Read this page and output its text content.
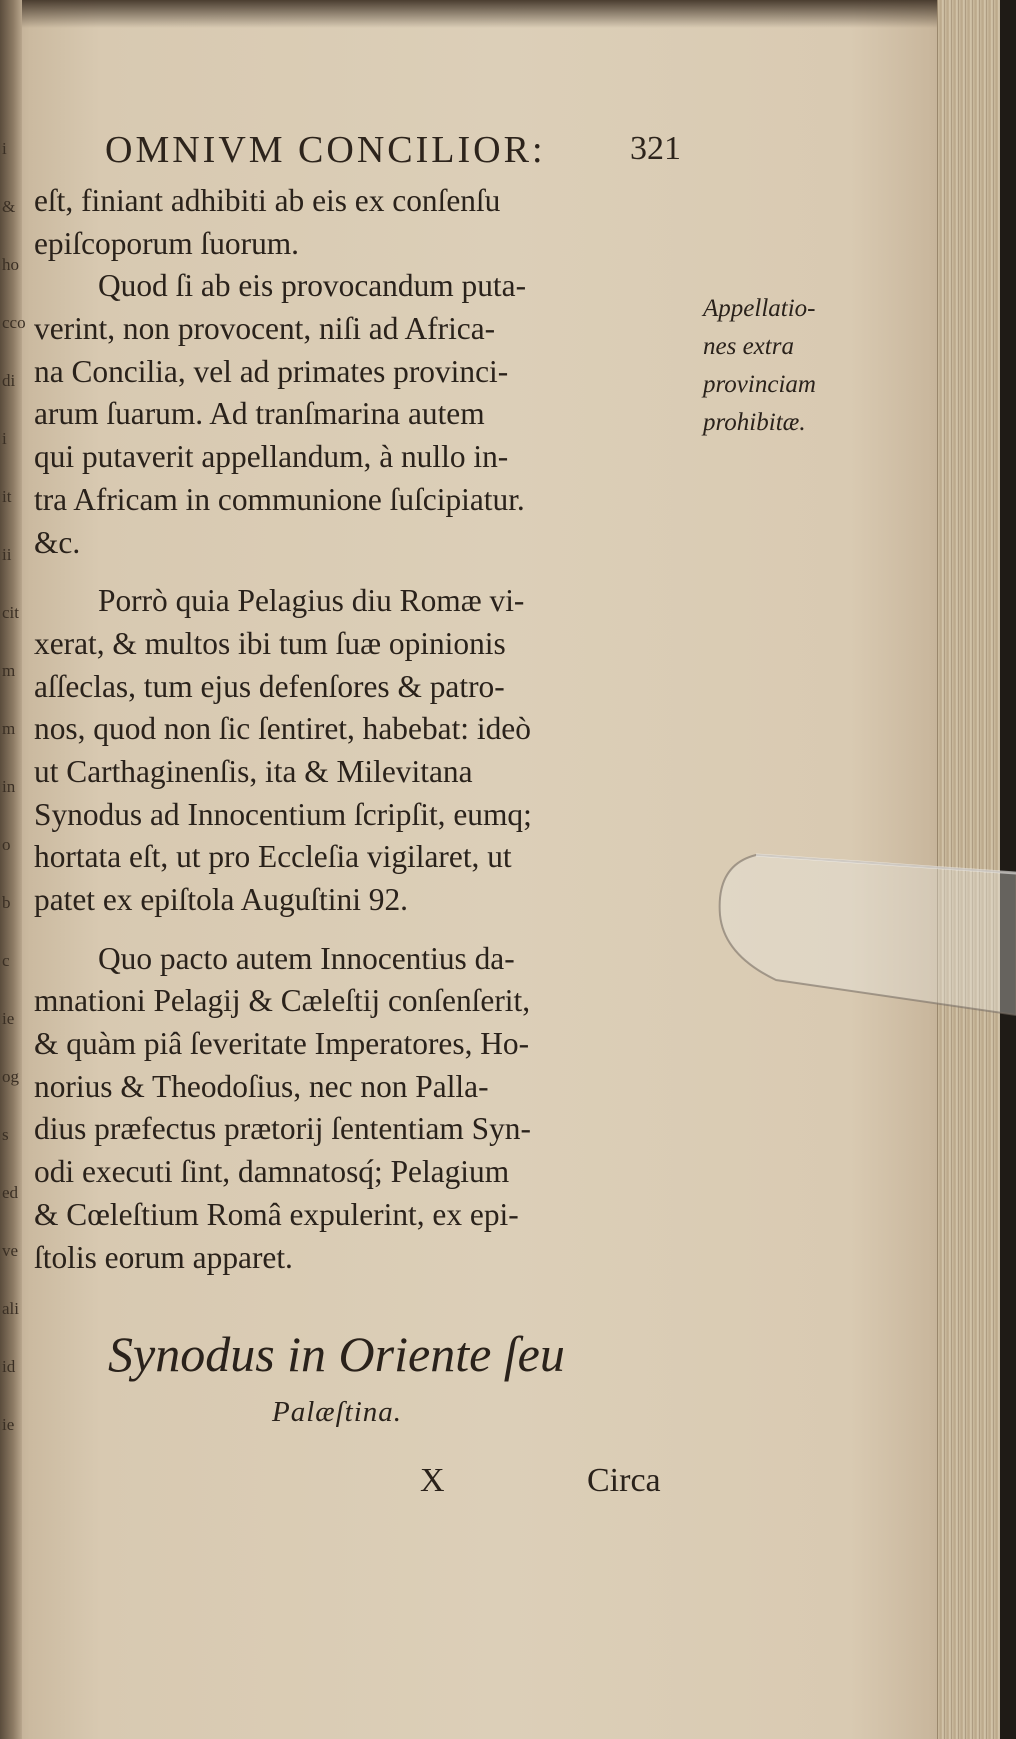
i
&
ho
cco
di
i
it
ii
cit
m
m
in
o
b
c
ie
og
s
ed
ve
ali
id
ie
OMNIVM CONCILIOR:	321
eſt, finiant adhibiti ab eis ex conſenſu
epiſcoporum ſuorum.
Quod ſi ab eis provocandum puta-
verint, non provocent, niſi ad Africa-
na Concilia, vel ad primates provinci-
arum ſuarum. Ad tranſmarina autem
qui putaverit appellandum, à nullo in-
tra Africam in communione ſuſcipiatur.
&c.
Porrò quia Pelagius diu Romæ vi-
xerat, & multos ibi tum ſuæ opinionis
aſſeclas, tum ejus defenſores & patro-
nos, quod non ſic ſentiret, habebat: ideò
ut Carthaginenſis, ita & Milevitana
Synodus ad Innocentium ſcripſit, eumq;
hortata eſt, ut pro Eccleſia vigilaret, ut
patet ex epiſtola Auguſtini 92.
Quo pacto autem Innocentius da-
mnationi Pelagij & Cæleſtij conſenſerit,
& quàm piâ ſeveritate Imperatores, Ho-
norius & Theodoſius, nec non Palla-
dius præfectus prætorij ſententiam Syn-
odi executi ſint, damnatosq́; Pelagium
& Cœleſtium Româ expulerint, ex epi-
ſtolis eorum apparet.
Appellatio-
nes extra
provinciam
prohibitæ.
Synodus in Oriente ſeu
Palæſtina.
X	Circa
